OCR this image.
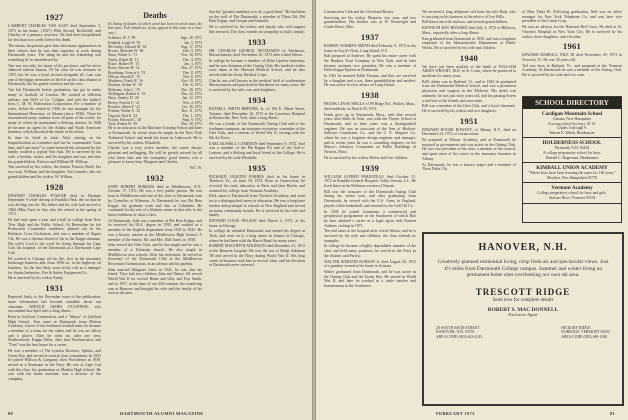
1927
LAMBERT CHARLES VAN AAST died September 3, 1972 in his home. (1927) With Stroud, Brickfield, and Chesley of a primary structure. He had been hospitalized for less than two weeks before his death.
The memo, his parents gave him after many appearances in their classes that he was their supreme at work during Dartmouth years. The thing he and his friendship was something he is remembered by.
Van was not only for home of his province, and he never chanced without honors. Of his class he was treasurer in 1955, but he was a loyal second alongside all. Lam was one of the happy memories of the life on his class alumni at Dartmouth, his, his gentle courtesy and his crew.
Van left Dartmouth before graduation, but got in under many of football, of London. He worked at different stations, and Wolf of Co. Colgate, and with his father's firm, L. M. W. Fabrication Corporation, For a number of years, before he retired in 1946, he was manager for the International Harvester, of Atlanta (since 1936). There he encountered many students from all parts of the world, for many of whom he maintained a lifelong interest. In 1948 he became an agent for the Atlanta and North American business, which absorbed the whole of his effort.
In time he lived in chair. After retiring on his hospitalization as a member and one he commanded "Lam dear, and Lam more" to some honored this treasured by the family recalled a typical Van Aast. He is survived by his wife, a brother, sisters, and his daughter and son, and also his grandchildren, Patricia and William M. Willson.
Van survived by his widow, the former Frances Buell; her two sons, William, and his daughter. Van Grunder, also six grandchildren and his widow, W. Willson.
1928
EDWARD CHARLES FOWLER died in Hyannis September 9 while driving in Franklin Park, the car that he was driving was hit. His father and his wife had moved to 1966 (Miss Tarr) in they also the retired in the spring of 1972.
Ed had only spent a year and a half in college from New Trier High and the Public School. At Rensselaer he left Production Committee residence, phased out in the Barbarys Cross Orchestras, and was a member of Sigma Chi. He was a lifetime friend of the in the Kappa alumnae. His wife's Lord is the word for living through his Cape Cod, his hospital, of the Dartmouth at a Dartmouth Cape Cod.
Ed worked at Chicago all his life, first in the insurance brokerage business and, from 1936 on, in the highway oil business, for the last thirty years in his role as a manager for Sunite Industries, Fire & Safety Equipment Co.
He is survived by his widow Emily.
1931
Reported lately to the December issue of the publication, more information has become available about our classmate ARNOLD JAMES O'CONNOR, who succumbed last April after a long illness.
Born in Guilford, Connecticut, and a "Mayor" at Guilford High School, Tom came to Dartmouth from Hebron Academy. Career of the freshmen football team, he became a member of a team for the others and he was an officer and a player. After he went on, after one year, Northwestern. Kappa Delta, after that Northwestern, and "Tom" was the best home for a career.
He was a member of The Lyndon Boosters, Sphinx, and Green Key, and served in several class committees. In 1931 he joined Willson & Company, then Providence in 1939, served as a lieutenant in the Navy. He was at Cape Cod with the class, his graduation as Maiden High School. He was with the home assistant, was a director of the company.
Deaths
(A listing of deaths of which word has been received since the last issue, Full obituaries, if any, appear in this issue or a later one.)
Schleiter, W. J. '99	Sept. 28, 1972
Kimball, Leigh W. '01	Jan. 5, 1973
McCarthy, Edward M. '02	Aug. 17, 1972
Brown, Malcolm W. '06	Dec. 9, 1972
Shaw, Walter G. '11	Nov. 10, 1972
Taylor, Ralph M. '12	Dec. 4, 1972
Bruce, Hubert W. '13	Jan. 3, 1973
Rowe, Stewart H. '14	Dec. 27, 1972
Boardman, Francis S. '15	Dec. 8, 1972
Wilson, Harold E. '15	Nov. 8, 1972
Matthews, Frank H. '16	Nov. 19, 1972
Hoskins, Arthur W. '18	Dec. 6, 1972
Mahoney, John L. '19	Dec. 18, 1972
Wellington, Robert S. '19	Dec. 22, 1972
Deyo, Stanley D. '20	Jan. 12, 1973
Hovey, Everett C. '21	Nov. 4, 1972
Rossiter, Albert F. '22	Oct. 26, 1972
Perkins, Walter A. '23	Dec. 11, 1972
Osgood, Paul E. '24	Dec. 1, 1972
Fowler, Edward C. '28	Sept. 9, 1972
Tuck, Robert H. '30	Dec. 30, 1972
He is an instructor in the Machine Training School and later at Portsmouth. In recent years he taught in the New York Technical School and made his home in Lakewood. He is survived by his widow, Elizabeth.
Charles was a very active member, the career always pleasant and unflagging. He will be greatly missed by all who knew him and his exemplary good humor, was a pleasure to know him. Margaret and Charles.
W.C.W.
1932
JOHN ROBERT PERKINS died in Middletown, N.Y., October 17, 1972. He was a very public person. He was born in Middletown and one of the class at Dartmouth, sent by Cornelius of Wheaton. At Dartmouth he was Phi Beta Kappa; his graduate work had also at Columbia. He continued for the rest of a lifetime career in that role, in the finest traditions of what is best.
At Dartmouth, John was a member of Phi Beta Kappa, and he received his M.A. degree in 1935, and worked as a member of the English department from 1935 to 1943. He was a history teacher at the Middletown High School. A member of the Senior, Mr. and Mrs. Hall Jones, in 1938.
John served the Glee Club, and he has taught and he was a member of a Unitarian church. He also taught in Middletown area schools. After his retirement, he served as Secretary of the Dartmouth Club in the Middletown Recreation Commission, as an advisor and his parents.
John married Margaret Jones in 1941; he was also his friend. They had two children, John and Nancy. He served World War II for several Rome and Gila, and Fort Smith, and in 1957, at the time of our 25th reunion, the round-trip was at Hanover and brought his wife and the family of his own to the area.
that his "greatest ambition is to do a good deed." He had been on the staff of The Dartmouth, a member of Theta Chi, Phi Beta Kappa, and Casque and Gauntlet.
He is survived by his widow and family who will support this research. The class extends its sympathy to Jack's family.
1933
DR. CHARLES GEORGE NECHAMEN of Fairhaven, Massachusetts, died November 25, 1972 after a brief illness.
In college he became a member of Delta Upsilon fraternity, and he was chairman of the Outing Club. His medical studies were taken at the Harvard Medical School, and he also served with the Army Medical Corps.
Charlie was well known in the medical field of southeastern Massachusetts and practiced in Fairhaven for many years. He is survived by his wife, son, and daughters.
1934
RUSSELL SMITH BREWER, Jr. of 194 E. Mead Street, Toronto, died December 10, 1972 at the Lawrence Hospital in Bronxville, New York, after a long illness.
He was a leader of the Dartmouth Outing Club and of the freshmen commons, an insurance executive, a member of the Glee Club, and a veteran of World War II, serving with the 8th Air Force.
EARL RUSSELL CAMERON died September 9, 1972. Earl was a member of the Phi Kappa Psi and of the Jack-o-Lantern, and a lifelong and loyal friend of the College. He is survived by his wife Elizabeth.
1935
RICHARD JAQUITH FORBES died in his home in Thetford, Vt., on June 19, 1972. Born in Connecticut, he received his early education in Paris and later Berlin, and returned for college from Vermont Academy.
Dick came to Dartmouth from Thetford Academy, and went on to a distinguished career in education. He was a long-time teacher and principal in schools in New England and served on many community boards. He is survived by his wife and family.
EDWARD LOUIS NELSON died March 4, 1972, at his home in Chicago.
In college he attended Dartmouth and earned his degree at Tuck, and went on to a long career in finance in Chicago, where he had been with the Harris Bank for many years.
ROBERT MAGOFFIN ATKINSON died December 21, 1972 at the Hanover hospital. He was the son of Ralph Atkinson '08 and served in the Navy during World War II. His long career in business took him to several cities, and his devotion to Dartmouth never wavered.
80	DARTMOUTH ALUMNI MAGAZINE
Construction Club and the Cleveland Rotary.
Surviving are his widow Marjorie, two sons, and two grandchildren. His brother was at W. Kenwright and Cooke River, Ohio.
1937
ROBERT WARREN SMITH died February 9, 1972 in his home in Lloyd's Neck, Long Island, N.Y.
Bob prepared at Andover. He spent his entire career with the Bankers Trust Company in New York, and he later became assistant vice president. He was a member of Delta Kappa Epsilon at Dartmouth.
In 1941 he married Edith Thomas, and they are survived by a daughter and a son, three grandchildren and another. He was active in civic affairs on Long Island.
1938
FRANK LEWIS SHILLS of 99 Ridge Rd., Walton, Mass., died suddenly on March 29, 1972.
Frank grew up in Waymouth, Mass., and after several years with Shills & Sons, was with the Thayer School at Dartmouth, and in later years was a distinguished engineer. He was an associate of the firm of Hudson-Sullivan Consultants Co., and the C. E. Maguire Co. where he was a longtime design engineer and manager, and in recent years he was a consulting engineer on the Mayor's Advisory Committee on Public Buildings of Newton, Mass.
He is survived by his widow Helen, and five children.
1939
WILLIAM ALFRED PARENTEAU died October 31, 1972 in Franklin General Hospital, Valley Stream, L.I., He lived there in the Bellmore section of Nassau.
Bill was the treasurer of the Dartmouth Outing Club during his senior year, and after graduating from Dartmouth, he served with the U.S. Army in England, played a little basketball, and returned to the Gulf Oil Co.
In 1945 he joined Grumman, a commercial and geophysical programmer in the Southwest of which Bob he later attained a career as a legal agent with Eastern Airlines, retiring in 1971.
The end came in the hospital after a brief illness, and he is survived by his wife and children; the class extends its sympathy.
In college he became a highly dependable member of the class and held many positions; he served in the Navy in the Atlantic and Pacific.
WALTER EDMUND ROBSON Jr. died August 20, 1972 of a gunshot wound at his home in Arizona.
Walter graduated from Dartmouth, and he was active in the Outing Club and the Green Key. He served in World War II, and later he worked as a cattle rancher and businessman in the Southwest.
We received a long telephone call from his wife Ruth, who is carrying on his business at the advice of Lea Wills.
Bill leaves his wife and son, and several grandchildren.
KENNETH RAY HOWARD died July 3, 1972 in Billerica, Mass., reportedly after a long illness.
Ken graduated from Dartmouth in 1939, and was a longtime employee of the Massachusetts Department of Public Works. He is survived by his wife and children.
1940
We have just been notified of the death of WILLIAM AIKEN WRIGHT, M.D. in St. Louis, where he practiced in medicine for many years.
Bill's father was in Rutland, Vt., and in 1943 he graduated from the Dartmouth Medical School, and was a prominent physician and surgeon in the Midwest. His death was untimely; he was just sixty years old, and his passing leaves a real loss to his friends and associates.
Bill was a member of the Glee Club, and a loyal classmate. He is survived by his widow and two daughters.
1951
EDWARD ROGER ROWLEY, of Albany, N.Y., died on December 24, 1972 of a brain tumor.
Ed prepared at Albany Academy, and at Dartmouth he majored in government and was active in the Outing Club. He was vice president of his class, a member of the council, and spent most of his career in the insurance business in Albany.
At Dartmouth, he was a history major and a member of Theta Delta Chi.
of Beta Theta Pi. Following graduation, Niel was an office manager for New York Telephone Co. and was later vice president of the Cintas Corp.
He was an advisor for the National Red Cross. He died at St. Vincent's Hospital in New York City. He is survived by his widow, three daughters, and a brother.
1961
EDWARD KIMBALL NILE III died November 29, 1972 in Norwich, Vt. He was 33 years old.
Ted was born in Rutland, Vt., and prepared at the Vermont Academy. At Dartmouth he was a member of the Outing Club. He is survived by his wife and two sons.
SCHOOL DIRECTORY
Cardigan Mountain School
Canaan, New Hampshire
A young school for boys 10-15.
Grades 5 through 9.
Warren E. Walsh, Headmaster
HOLDERNESS SCHOOL
Plymouth, N.H. 03264
A college preparatory school for boys.
Donald C. Hagerman, Headmaster
KIMBALL UNION ACADEMY
"Where boys have been learning the ropes for 160 years."
Meriden, New Hampshire 03770
Vermont Academy
College preparatory school for boys and girls.
Saxtons River, Vermont 05154
HANOVER, N.H.
Creatively planned residential living, crisp fresh air and spectacular views. Just 4½ miles from Dartmouth College campus. Summer and winter living on permanent home sites overlooking our own ski area.
TRESCOTT RIDGE
Send now for complete details
ROBERT S. MAC DONNELL
Exclusive Agent
20 SOUTH MAIN STREET
HANOVER, N.H. 03755
AREA CODE (603) 643-4143
HICKORY RIDGE
NORWICH, VERMONT 05055
AREA CODE (802) 649-1040
FEBRUARY 1973	81
